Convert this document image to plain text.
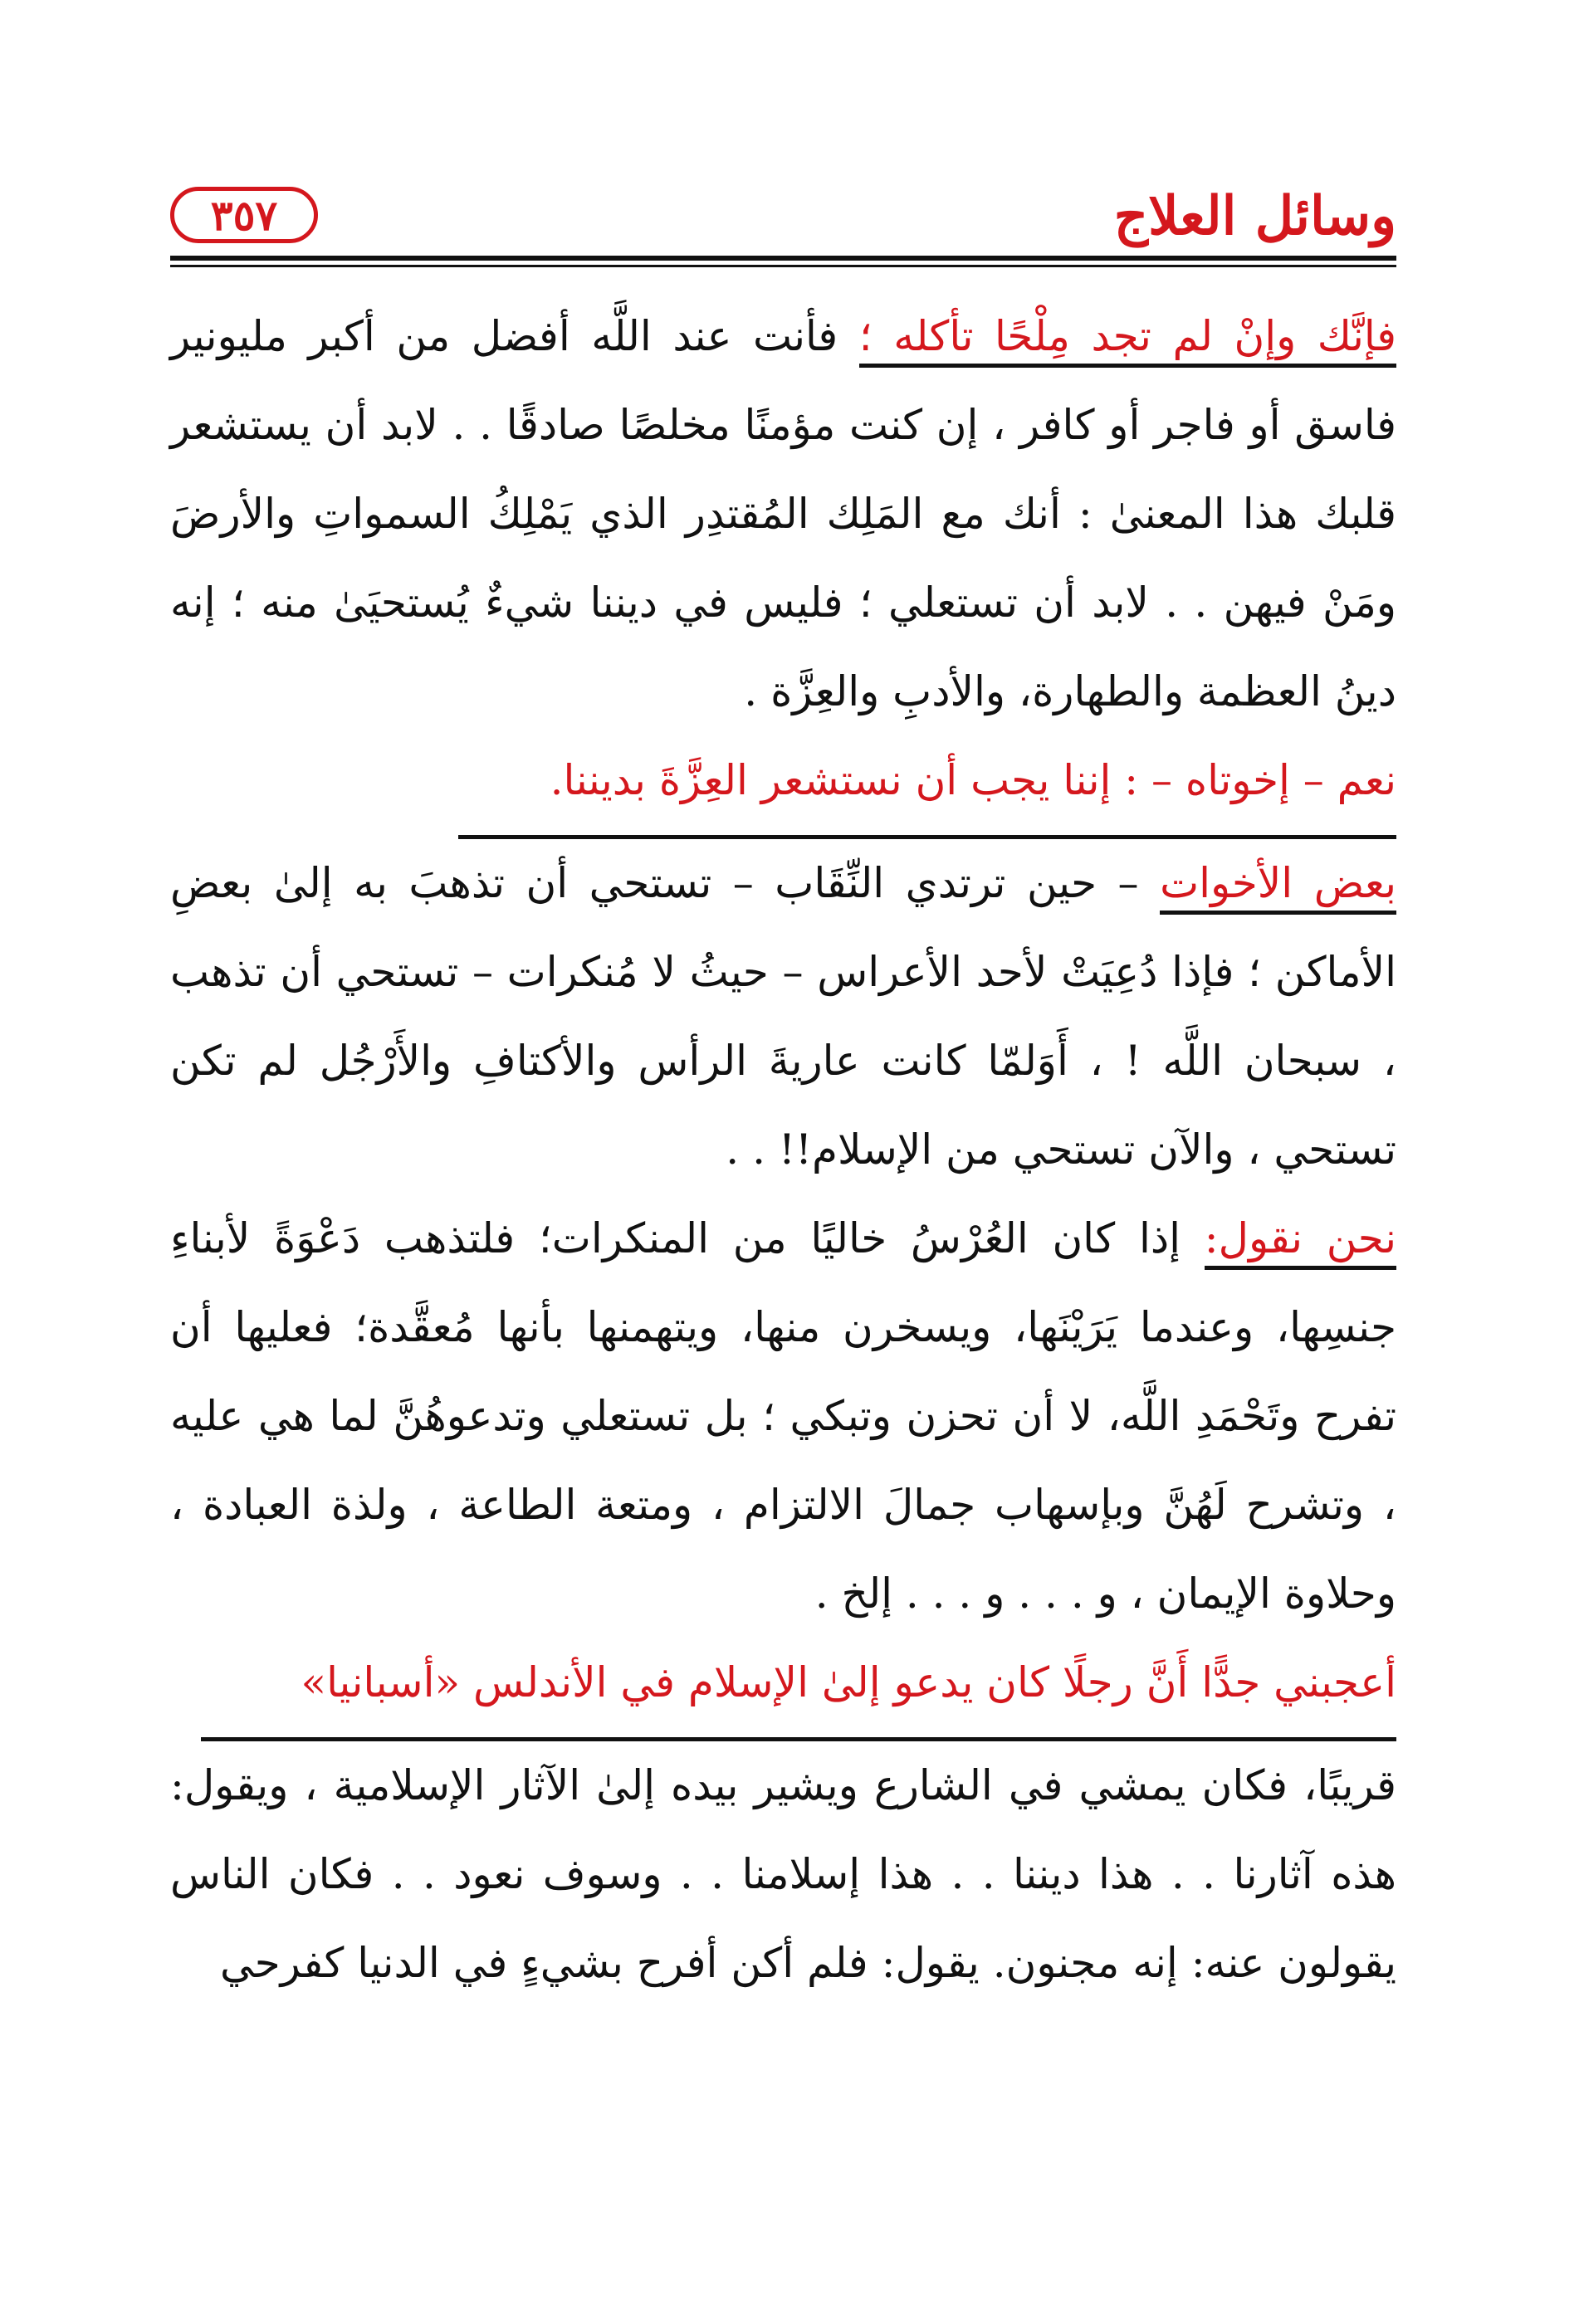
وسائل العلاج
٣٥٧

فإنَّك وإنْ لم تجد مِلْحًا تأكله ؛ فأنت عند اللَّه أفضل من أكبر مليونير فاسق أو فاجر أو كافر ، إن كنت مؤمنًا مخلصًا صادقًا . . لابد أن يستشعر قلبك هذا المعنىٰ : أنك مع المَلِك المُقتدِر الذي يَمْلِكُ السمواتِ والأرضَ ومَنْ فيهن . . لابد أن تستعلي ؛ فليس في ديننا شيءٌ يُستحيَىٰ منه ؛ إنه دينُ العظمة والطهارة، والأدبِ والعِزَّة .

نعم – إخوتاه – : إننا يجب أن نستشعر العِزَّةَ بديننا.

بعض الأخوات – حين ترتدي النِّقَاب – تستحي أن تذهبَ به إلىٰ بعضِ الأماكن ؛ فإذا دُعِيَتْ لأحد الأعراس – حيثُ لا مُنكرات – تستحي أن تذهب ، سبحان اللَّه ! ، أَوَلمّا كانت عاريةَ الرأس والأكتافِ والأَرْجُل لم تكن تستحي ، والآن تستحي من الإسلام!! . .

نحن نقول: إذا كان العُرْسُ خاليًا من المنكرات؛ فلتذهب دَعْوَةً لأبناءِ جنسِها، وعندما يَرَيْنَها، ويسخرن منها، ويتهمنها بأنها مُعقَّدة؛ فعليها أن تفرح وتَحْمَدِ اللَّه، لا أن تحزن وتبكي ؛ بل تستعلي وتدعوهُنَّ لما هي عليه ، وتشرح لَهُنَّ وبإسهاب جمالَ الالتزام ، ومتعة الطاعة ، ولذة العبادة ، وحلاوة الإيمان ، و . . . و . . . إلخ .

أعجبني جدًّا أَنَّ رجلًا كان يدعو إلىٰ الإسلام في الأندلس «أسبانيا»

قريبًا، فكان يمشي في الشارع ويشير بيده إلىٰ الآثار الإسلامية ، ويقول: هذه آثارنا . . هذا ديننا . . هذا إسلامنا . . وسوف نعود . . فكان الناس يقولون عنه: إنه مجنون. يقول: فلم أكن أفرح بشيءٍ في الدنيا كفرحي
